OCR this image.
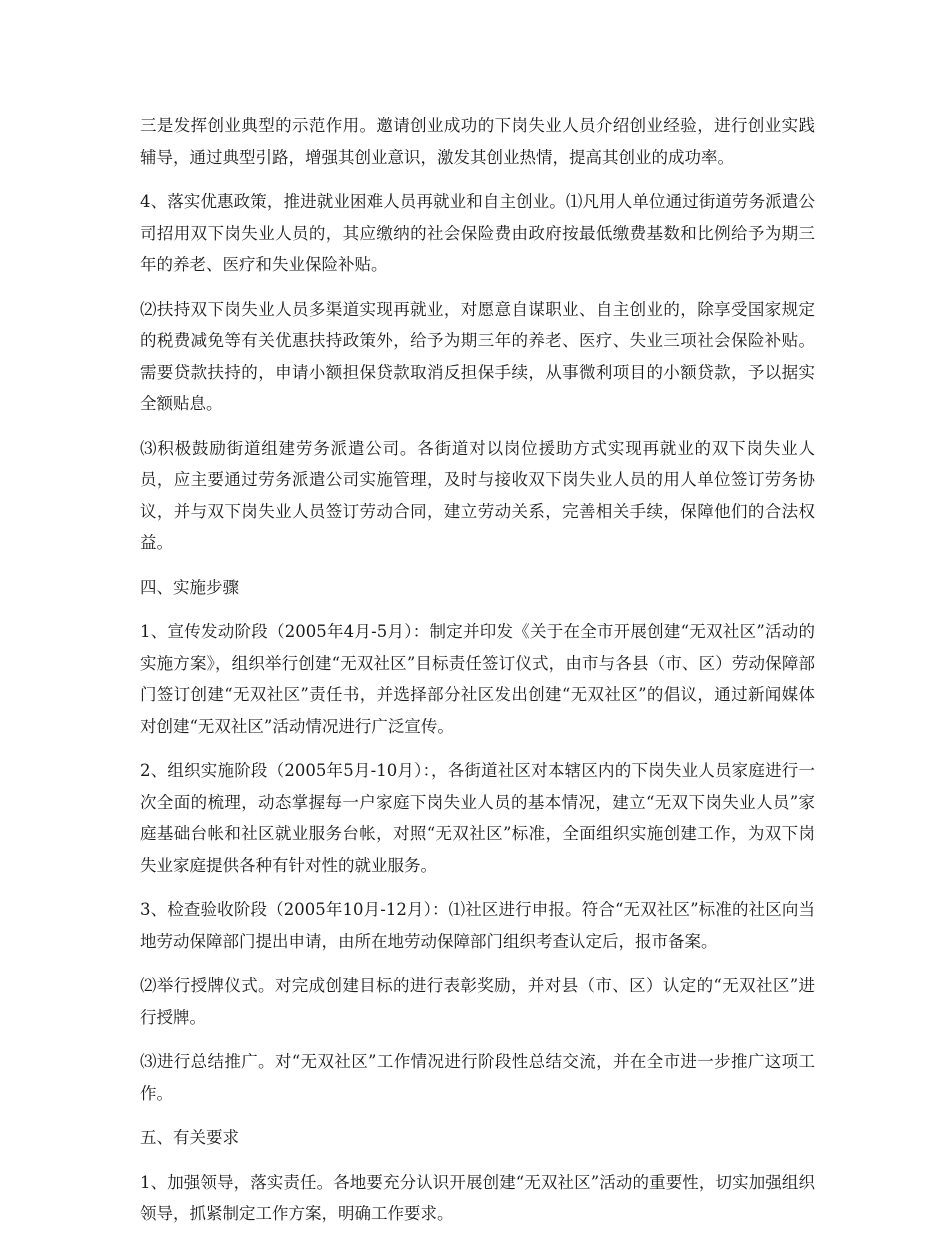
三是发挥创业典型的示范作用。邀请创业成功的下岗失业人员介绍创业经验，进行创业实践辅导，通过典型引路，增强其创业意识，激发其创业热情，提高其创业的成功率。

4、落实优惠政策，推进就业困难人员再就业和自主创业。⑴凡用人单位通过街道劳务派遣公司招用双下岗失业人员的，其应缴纳的社会保险费由政府按最低缴费基数和比例给予为期三年的养老、医疗和失业保险补贴。

⑵扶持双下岗失业人员多渠道实现再就业，对愿意自谋职业、自主创业的，除享受国家规定的税费减免等有关优惠扶持政策外，给予为期三年的养老、医疗、失业三项社会保险补贴。需要贷款扶持的，申请小额担保贷款取消反担保手续，从事微利项目的小额贷款，予以据实全额贴息。

⑶积极鼓励街道组建劳务派遣公司。各街道对以岗位援助方式实现再就业的双下岗失业人员，应主要通过劳务派遣公司实施管理，及时与接收双下岗失业人员的用人单位签订劳务协议，并与双下岗失业人员签订劳动合同，建立劳动关系，完善相关手续，保障他们的合法权益。

四、实施步骤

1、宣传发动阶段（2005年4月-5月）：制定并印发《关于在全市开展创建“无双社区”活动的实施方案》，组织举行创建“无双社区”目标责任签订仪式，由市与各县（市、区）劳动保障部门签订创建“无双社区”责任书，并选择部分社区发出创建“无双社区”的倡议，通过新闻媒体对创建“无双社区”活动情况进行广泛宣传。

2、组织实施阶段（2005年5月-10月）：，各街道社区对本辖区内的下岗失业人员家庭进行一次全面的梳理，动态掌握每一户家庭下岗失业人员的基本情况，建立“无双下岗失业人员”家庭基础台帐和社区就业服务台帐，对照“无双社区”标准，全面组织实施创建工作，为双下岗失业家庭提供各种有针对性的就业服务。

3、检查验收阶段（2005年10月-12月）：⑴社区进行申报。符合“无双社区”标准的社区向当地劳动保障部门提出申请，由所在地劳动保障部门组织考查认定后，报市备案。

⑵举行授牌仪式。对完成创建目标的进行表彰奖励，并对县（市、区）认定的“无双社区”进行授牌。

⑶进行总结推广。对“无双社区”工作情况进行阶段性总结交流，并在全市进一步推广这项工作。

五、有关要求

1、加强领导，落实责任。各地要充分认识开展创建“无双社区”活动的重要性，切实加强组织领导，抓紧制定工作方案，明确工作要求。
